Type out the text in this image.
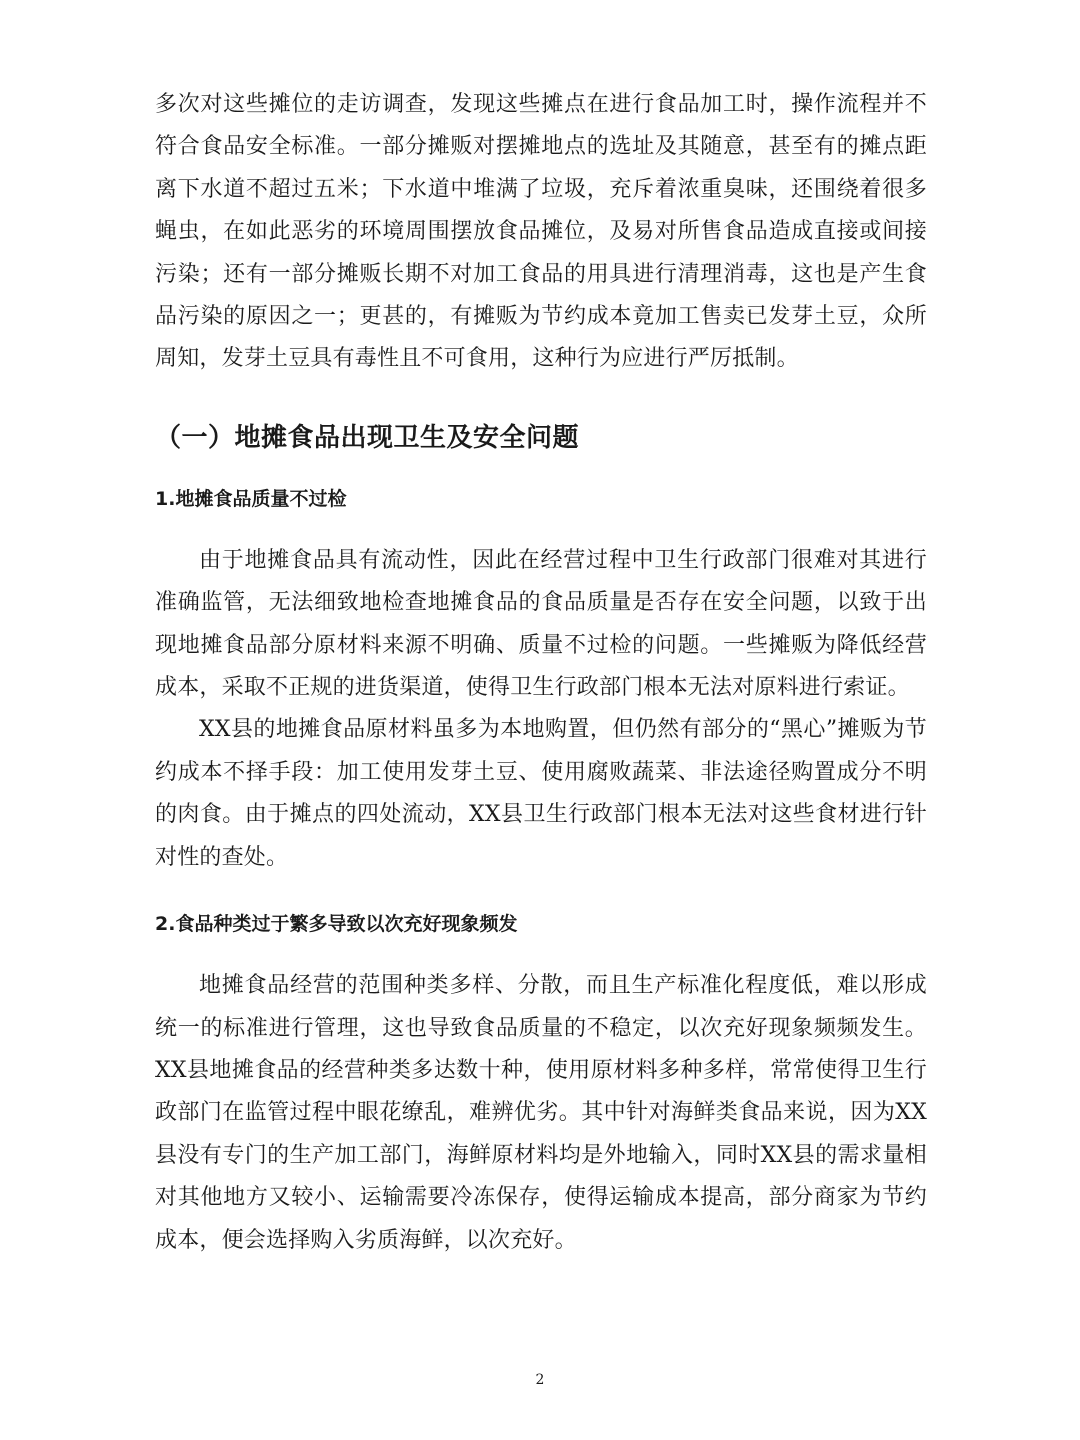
多次对这些摊位的走访调查，发现这些摊点在进行食品加工时，操作流程并不符合食品安全标准。一部分摊贩对摆摊地点的选址及其随意，甚至有的摊点距离下水道不超过五米；下水道中堆满了垃圾，充斥着浓重臭味，还围绕着很多蝇虫，在如此恶劣的环境周围摆放食品摊位，及易对所售食品造成直接或间接污染；还有一部分摊贩长期不对加工食品的用具进行清理消毒，这也是产生食品污染的原因之一；更甚的，有摊贩为节约成本竟加工售卖已发芽土豆，众所周知，发芽土豆具有毒性且不可食用，这种行为应进行严厉抵制。

（一）地摊食品出现卫生及安全问题
1.地摊食品质量不过检

由于地摊食品具有流动性，因此在经营过程中卫生行政部门很难对其进行准确监管，无法细致地检查地摊食品的食品质量是否存在安全问题，以致于出现地摊食品部分原材料来源不明确、质量不过检的问题。一些摊贩为降低经营成本，采取不正规的进货渠道，使得卫生行政部门根本无法对原料进行索证。

XX县的地摊食品原材料虽多为本地购置，但仍然有部分的“黑心”摊贩为节约成本不择手段：加工使用发芽土豆、使用腐败蔬菜、非法途径购置成分不明的肉食。由于摊点的四处流动，XX县卫生行政部门根本无法对这些食材进行针对性的查处。

2.食品种类过于繁多导致以次充好现象频发

地摊食品经营的范围种类多样、分散，而且生产标准化程度低，难以形成统一的标准进行管理，这也导致食品质量的不稳定，以次充好现象频频发生。XX县地摊食品的经营种类多达数十种，使用原材料多种多样，常常使得卫生行政部门在监管过程中眼花缭乱，难辨优劣。其中针对海鲜类食品来说，因为XX县没有专门的生产加工部门，海鲜原材料均是外地输入，同时XX县的需求量相对其他地方又较小、运输需要冷冻保存，使得运输成本提高，部分商家为节约成本，便会选择购入劣质海鲜，以次充好。

2
